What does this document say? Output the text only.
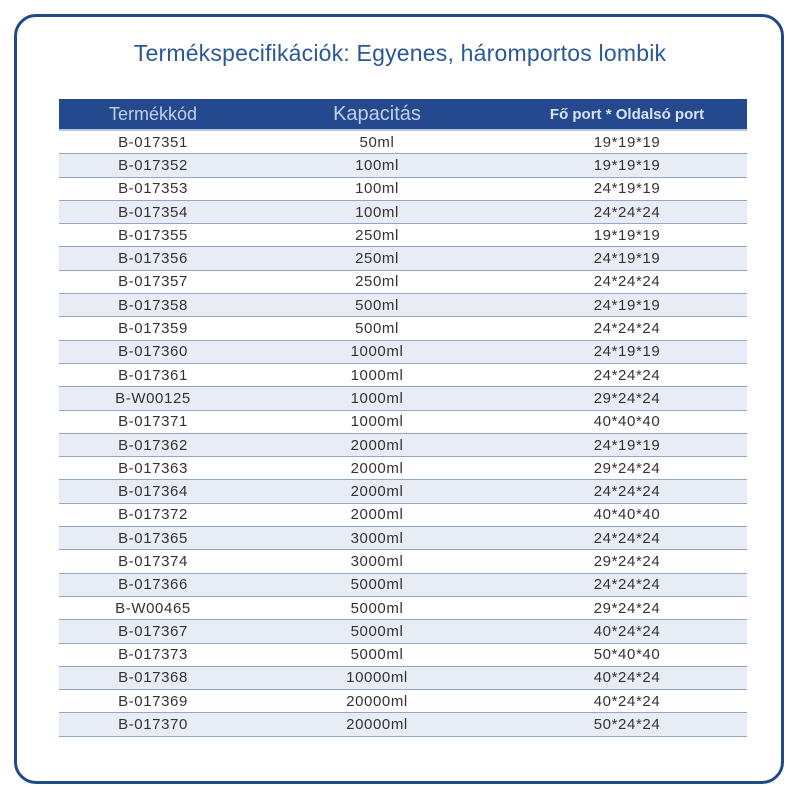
Termékspecifikációk: Egyenes, háromportos lombik
Termékkód	Kapacitás	Fő port * Oldalsó port
B-017351	50ml	19*19*19
B-017352	100ml	19*19*19
B-017353	100ml	24*19*19
B-017354	100ml	24*24*24
B-017355	250ml	19*19*19
B-017356	250ml	24*19*19
B-017357	250ml	24*24*24
B-017358	500ml	24*19*19
B-017359	500ml	24*24*24
B-017360	1000ml	24*19*19
B-017361	1000ml	24*24*24
B-W00125	1000ml	29*24*24
B-017371	1000ml	40*40*40
B-017362	2000ml	24*19*19
B-017363	2000ml	29*24*24
B-017364	2000ml	24*24*24
B-017372	2000ml	40*40*40
B-017365	3000ml	24*24*24
B-017374	3000ml	29*24*24
B-017366	5000ml	24*24*24
B-W00465	5000ml	29*24*24
B-017367	5000ml	40*24*24
B-017373	5000ml	50*40*40
B-017368	10000ml	40*24*24
B-017369	20000ml	40*24*24
B-017370	20000ml	50*24*24
